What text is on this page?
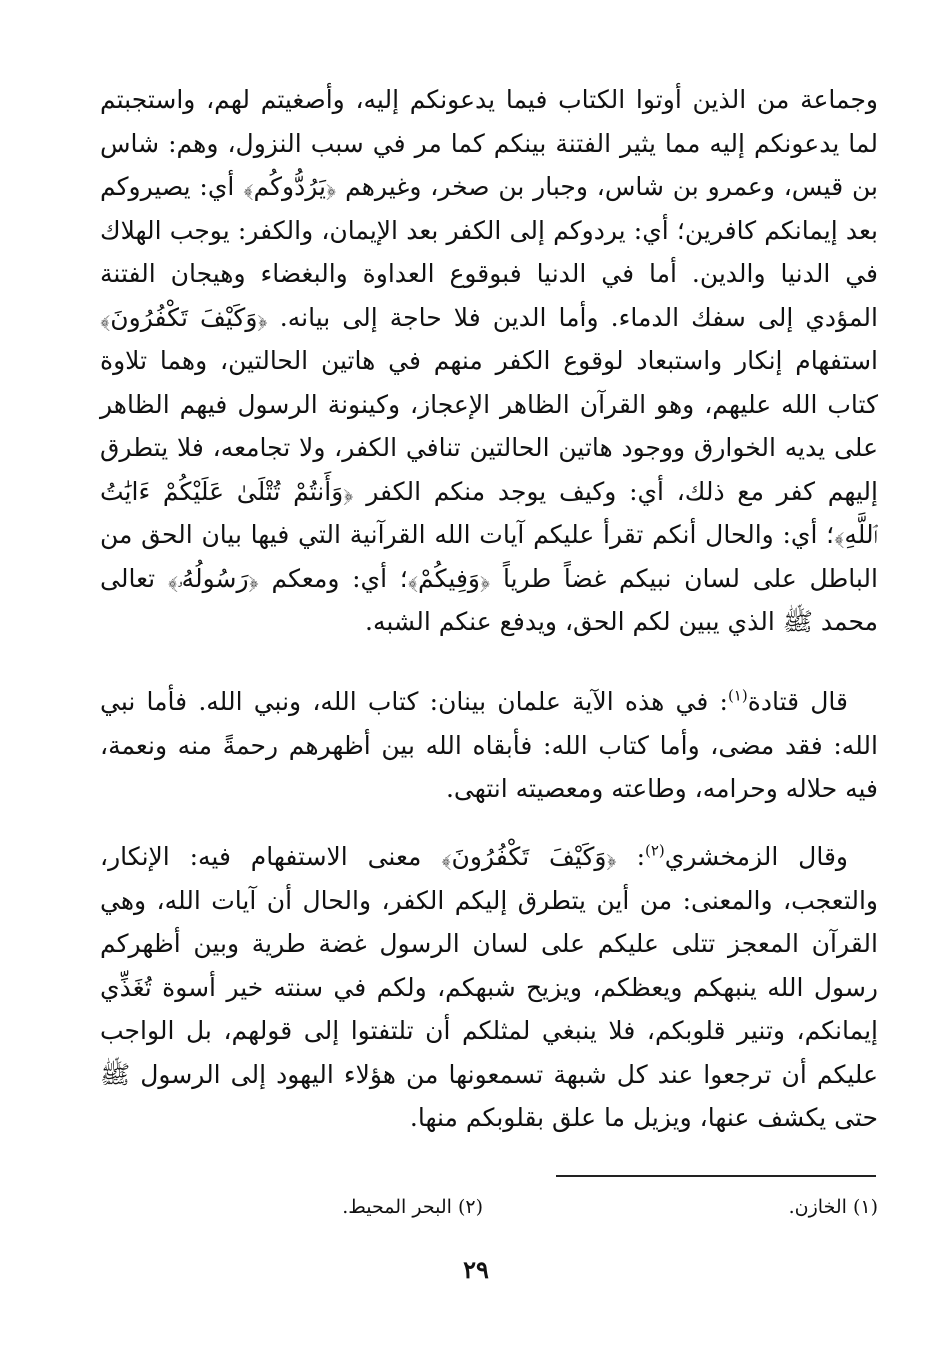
وجماعة من الذين أوتوا الكتاب فيما يدعونكم إليه، وأصغيتم لهم، واستجبتم لما يدعونكم إليه مما يثير الفتنة بينكم كما مر في سبب النزول، وهم: شاس بن قيس، وعمرو بن شاس، وجبار بن صخر، وغيرهم ﴿يَرُدُّوكُم﴾ أي: يصيروكم بعد إيمانكم كافرين؛ أي: يردوكم إلى الكفر بعد الإيمان، والكفر: يوجب الهلاك في الدنيا والدين. أما في الدنيا فبوقوع العداوة والبغضاء وهيجان الفتنة المؤدي إلى سفك الدماء. وأما الدين فلا حاجة إلى بيانه. ﴿وَكَيْفَ تَكْفُرُونَ﴾ استفهام إنكار واستبعاد لوقوع الكفر منهم في هاتين الحالتين، وهما تلاوة كتاب الله عليهم، وهو القرآن الظاهر الإعجاز، وكينونة الرسول فيهم الظاهر على يديه الخوارق ووجود هاتين الحالتين تنافي الكفر، ولا تجامعه، فلا يتطرق إليهم كفر مع ذلك، أي: وكيف يوجد منكم الكفر ﴿وَأَنتُمْ تُتْلَىٰ عَلَيْكُمْ ءَايَٰتُ ٱللَّهِ﴾؛ أي: والحال أنكم تقرأ عليكم آيات الله القرآنية التي فيها بيان الحق من الباطل على لسان نبيكم غضاً طرياً ﴿وَفِيكُمْ﴾؛ أي: ومعكم ﴿رَسُولُهُۥ﴾ تعالى محمد ﷺ الذي يبين لكم الحق، ويدفع عنكم الشبه.

قال قتادة$^{(١)}$: في هذه الآية علمان بينان: كتاب الله، ونبي الله. فأما نبي الله: فقد مضى، وأما كتاب الله: فأبقاه الله بين أظهرهم رحمةً منه ونعمة، فيه حلاله وحرامه، وطاعته ومعصيته انتهى.

وقال الزمخشري$^{(٢)}$: ﴿وَكَيْفَ تَكْفُرُونَ﴾ معنى الاستفهام فيه: الإنكار، والتعجب، والمعنى: من أين يتطرق إليكم الكفر، والحال أن آيات الله، وهي القرآن المعجز تتلى عليكم على لسان الرسول غضة طرية وبين أظهركم رسول الله ينبهكم ويعظكم، ويزيح شبهكم، ولكم في سنته خير أسوة تُغَذِّي إيمانكم، وتنير قلوبكم، فلا ينبغي لمثلكم أن تلتفتوا إلى قولهم، بل الواجب عليكم أن ترجعوا عند كل شبهة تسمعونها من هؤلاء اليهود إلى الرسول ﷺ حتى يكشف عنها، ويزيل ما علق بقلوبكم منها.

(١) الخازن.
(٢) البحر المحيط.
٢٩
